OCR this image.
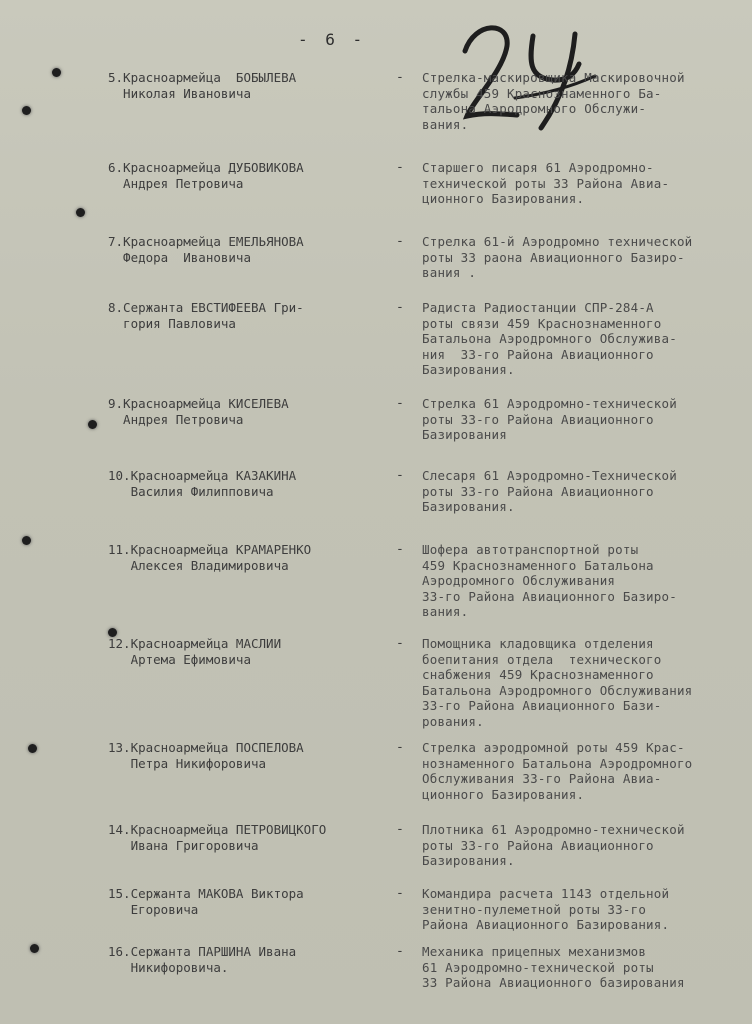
- 6 -
5.Красноармейца  БОБЫЛЕВА
Николая Ивановича
- Стрелка-маскировщика Маскировочной
службы 459 Краснознаменного Ба-
тальона Аэродромного Обслужи-
вания.
6.Красноармейца ДУБОВИКОВА
Андрея Петровича
- Старшего писаря 61 Аэродромно-
технической роты 33 Района Авиа-
ционного Базирования.
7.Красноармейца ЕМЕЛЬЯНОВА
Федора  Ивановича
- Стрелка 61-й Аэродромно технической
роты 33 раона Авиационного Базиро-
вания .
8.Сержанта ЕВСТИФЕЕВА Гри-
гория Павловича
- Радиста Радиостанции СПР-284-А
роты связи 459 Краснознаменного
Батальона Аэродромного Обслужива-
ния  33-го Района Авиационного
Базирования.
9.Красноармейца КИСЕЛЕВА
Андрея Петровича
- Стрелка 61 Аэродромно-технической
роты 33-го Района Авиационного
Базирования
10.Красноармейца КАЗАКИНА
Василия Филипповича
- Слесаря 61 Аэродромно-Технической
роты 33-го Района Авиационного
Базирования.
11.Красноармейца КРАМАРЕНКО
Алексея Владимировича
- Шофера автотранспортной роты
459 Краснознаменного Батальона
Аэродромного Обслуживания
33-го Района Авиационного Базиро-
вания.
12.Красноармейца МАСЛИИ
Артема Ефимовича
- Помощника кладовщика отделения
боепитания отдела  технического
снабжения 459 Краснознаменного
Батальона Аэродромного Обслуживания
33-го Района Авиационного Бази-
рования.
13.Красноармейца ПОСПЕЛОВА
Петра Никифоровича
- Стрелка аэродромной роты 459 Крас-
нознаменного Батальона Аэродромного
Обслуживания 33-го Района Авиа-
ционного Базирования.
14.Красноармейца ПЕТРОВИЦКОГО
Ивана Григоровича
- Плотника 61 Аэродромно-технической
роты 33-го Района Авиационного
Базирования.
15.Сержанта МАКОВА Виктора
Егоровича
- Командира расчета 1143 отдельной
зенитно-пулеметной роты 33-го
Района Авиационного Базирования.
16.Сержанта ПАРШИНА Ивана
Никифоровича.
- Механика прицепных механизмов
61 Аэродромно-технической роты
33 Района Авиационного базирования
